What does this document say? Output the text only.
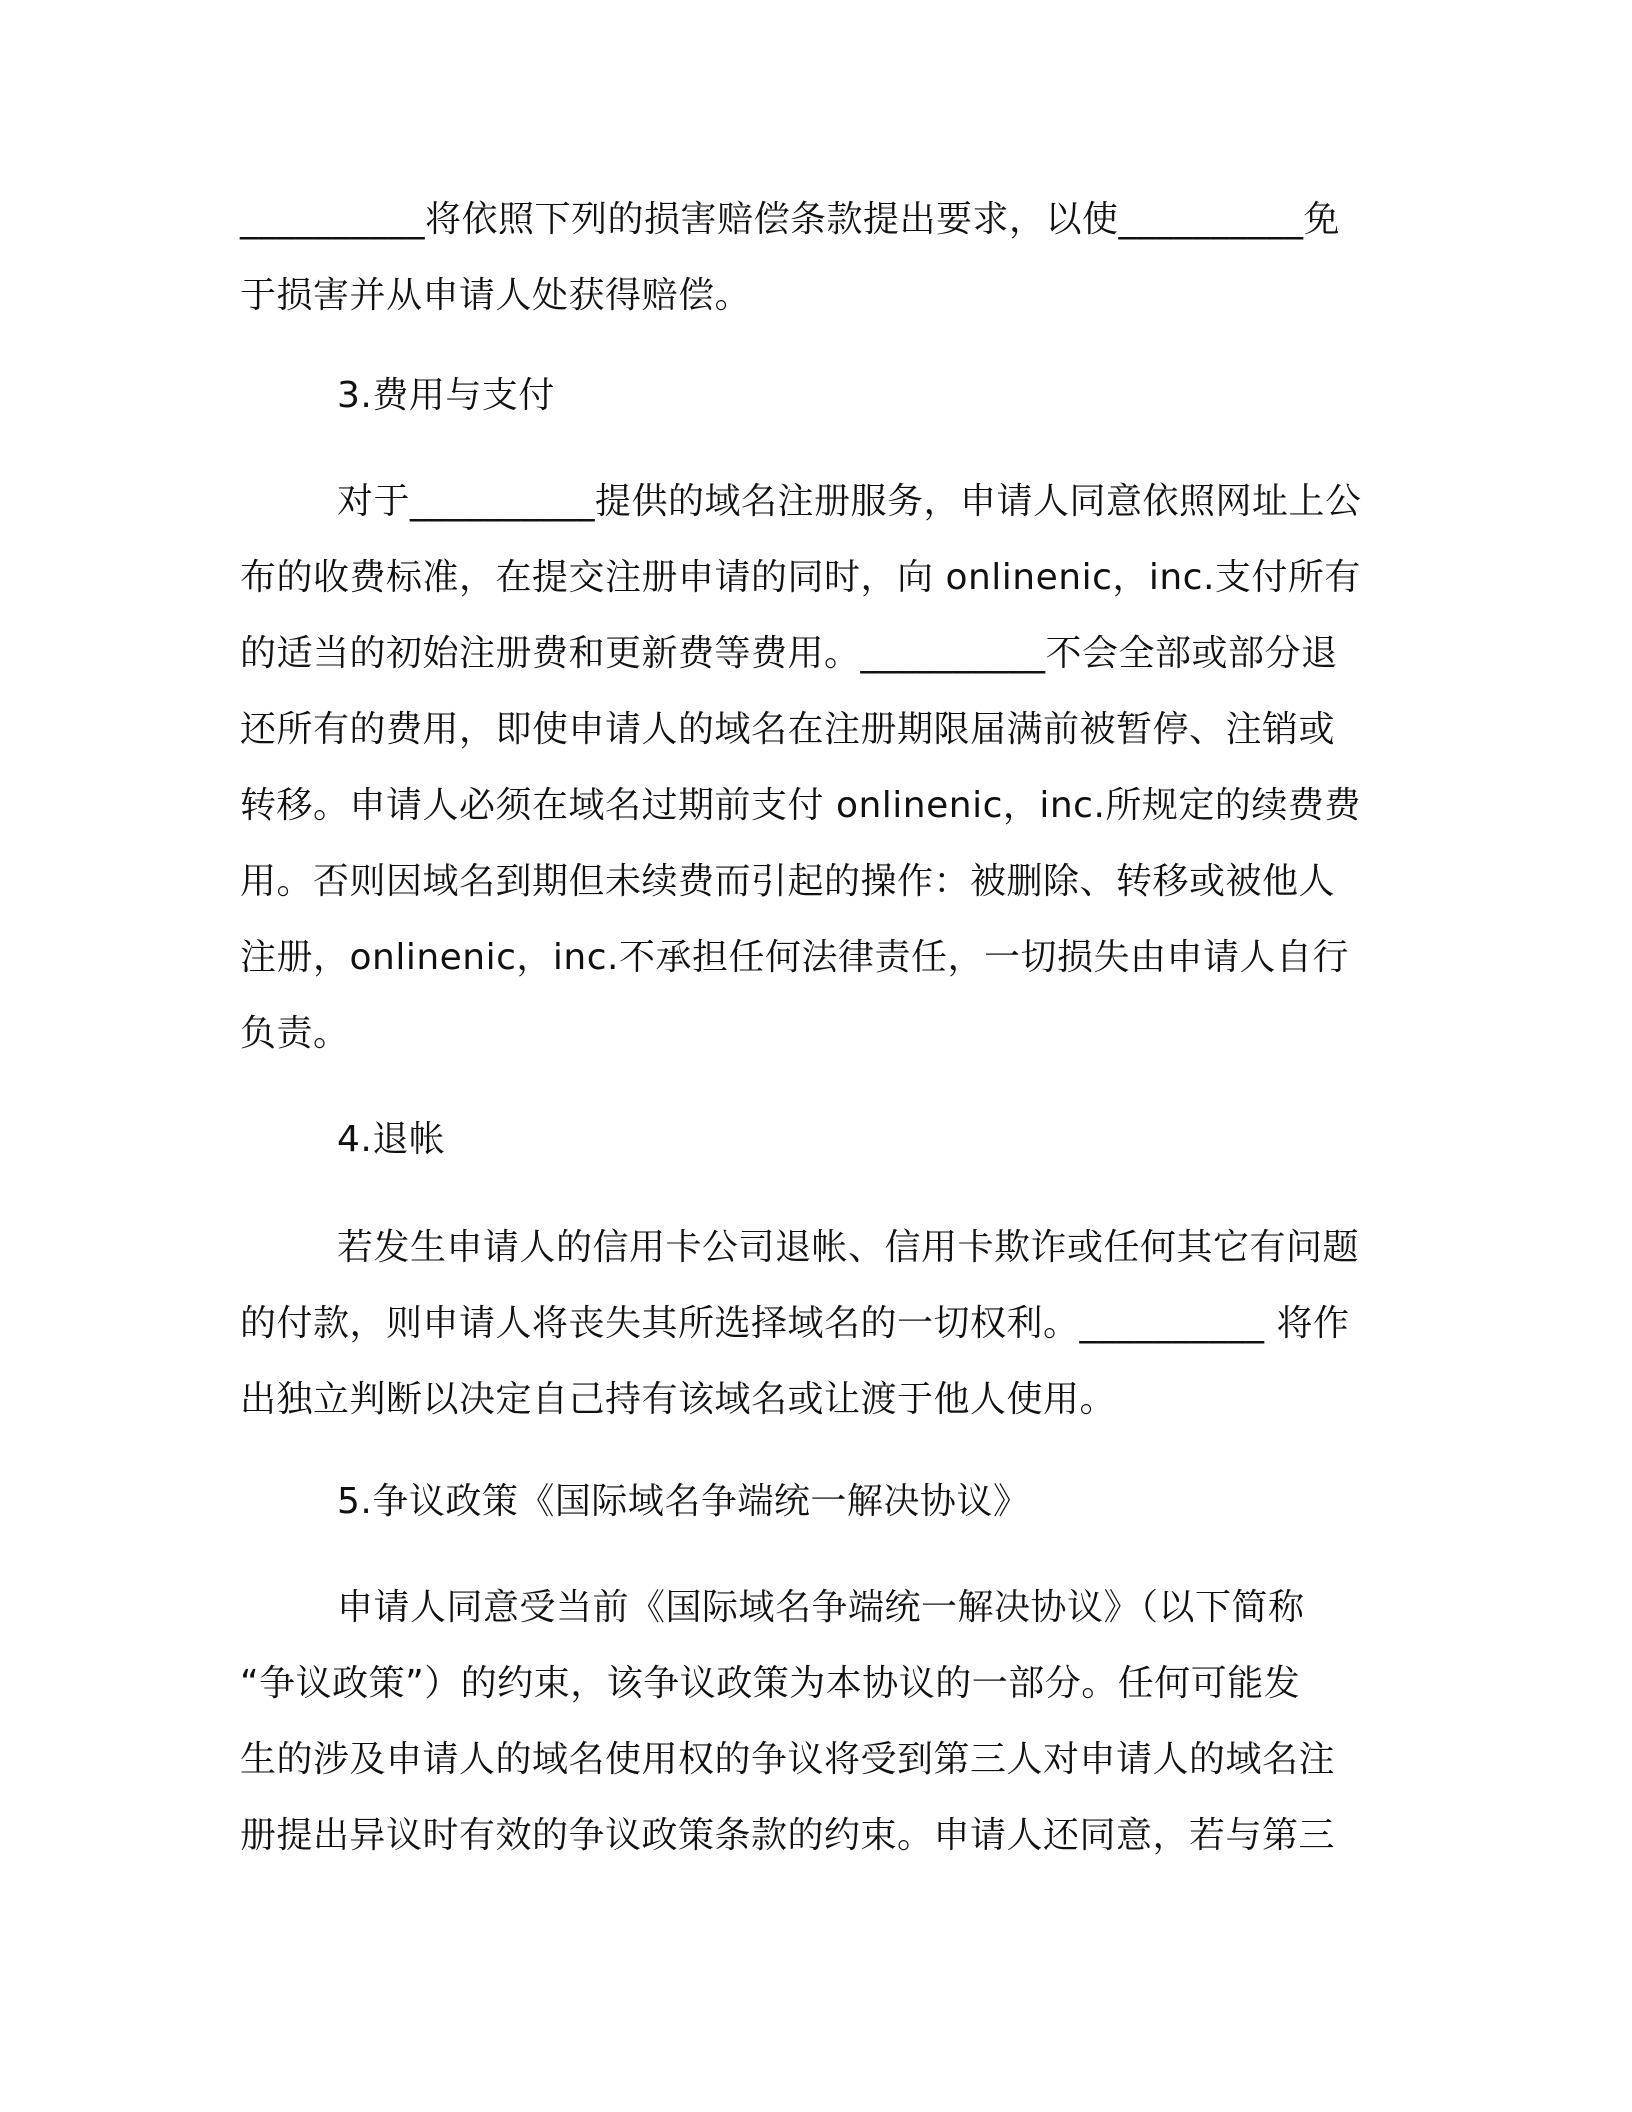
__________将依照下列的损害赔偿条款提出要求，以使__________免
于损害并从申请人处获得赔偿。
3.费用与支付
对于__________提供的域名注册服务，申请人同意依照网址上公
布的收费标准，在提交注册申请的同时，向 onlinenic，inc.支付所有
的适当的初始注册费和更新费等费用。__________不会全部或部分退
还所有的费用，即使申请人的域名在注册期限届满前被暂停、注销或
转移。申请人必须在域名过期前支付 onlinenic，inc.所规定的续费费
用。否则因域名到期但未续费而引起的操作：被删除、转移或被他人
注册，onlinenic，inc.不承担任何法律责任，一切损失由申请人自行
负责。
4.退帐
若发生申请人的信用卡公司退帐、信用卡欺诈或任何其它有问题
的付款，则申请人将丧失其所选择域名的一切权利。__________ 将作
出独立判断以决定自己持有该域名或让渡于他人使用。
5.争议政策《国际域名争端统一解决协议》
申请人同意受当前《国际域名争端统一解决协议》（以下简称
“争议政策”）的约束，该争议政策为本协议的一部分。任何可能发
生的涉及申请人的域名使用权的争议将受到第三人对申请人的域名注
册提出异议时有效的争议政策条款的约束。申请人还同意，若与第三
